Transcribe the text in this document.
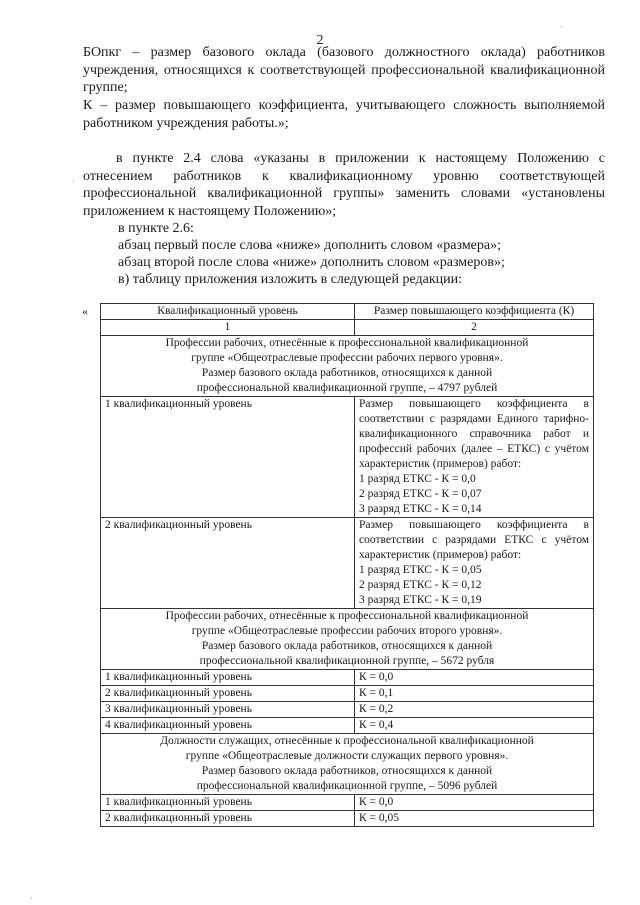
2
БОпкг – размер базового оклада (базового должностного оклада) работников учреждения, относящихся к соответствующей профессиональной квалификационной группе;
К – размер повышающего коэффициента, учитывающего сложность выполняемой работником учреждения работы.»;
в пункте 2.4 слова «указаны в приложении к настоящему Положению с отнесением работников к квалификационному уровню соответствующей профессиональной квалификационной группы» заменить словами «установлены приложением к настоящему Положению»;
в пункте 2.6:
абзац первый после слова «ниже» дополнить словом «размера»;
абзац второй после слова «ниже» дополнить словом «размеров»;
в) таблицу приложения изложить в следующей редакции:
«	Квалификационный уровень	Размер повышающего коэффициента (К)
1	2

Профессии рабочих, отнесённые к профессиональной квалификационной
группе «Общеотраслевые профессии рабочих первого уровня».
Размер базового оклада работников, относящихся к данной
профессиональной квалификационной группе, – 4797 рублей	

1 квалификационный уровень	Размер повышающего коэффициента в соответствии с разрядами Единого тарифно-квалификационного справочника работ и профессий рабочих (далее – ЕТКС) с учётом характеристик (примеров) работ:
1 разряд ЕТКС - К = 0,0
2 разряд ЕТКС - К = 0,07
3 разряд ЕТКС - К = 0,14

2 квалификационный уровень	Размер повышающего коэффициента в соответствии с разрядами ЕТКС с учётом характеристик (примеров) работ:
1 разряд ЕТКС - К = 0,05
2 разряд ЕТКС - К = 0,12
3 разряд ЕТКС - К = 0,19

Профессии рабочих, отнесённые к профессиональной квалификационной
группе «Общеотраслевые профессии рабочих второго уровня».
Размер базового оклада работников, относящихся к данной
профессиональной квалификационной группе, – 5672 рубля	

1 квалификационный уровень	К = 0,0
2 квалификационный уровень	К = 0,1
3 квалификационный уровень	К = 0,2
4 квалификационный уровень	К = 0,4

Должности служащих, отнесённые к профессиональной квалификационной
группе «Общеотраслевые должности служащих первого уровня».
Размер базового оклада работников, относящихся к данной
профессиональной квалификационной группе, – 5096 рублей	

1 квалификационный уровень	К = 0,0
2 квалификационный уровень	К = 0,05
·
·
·
